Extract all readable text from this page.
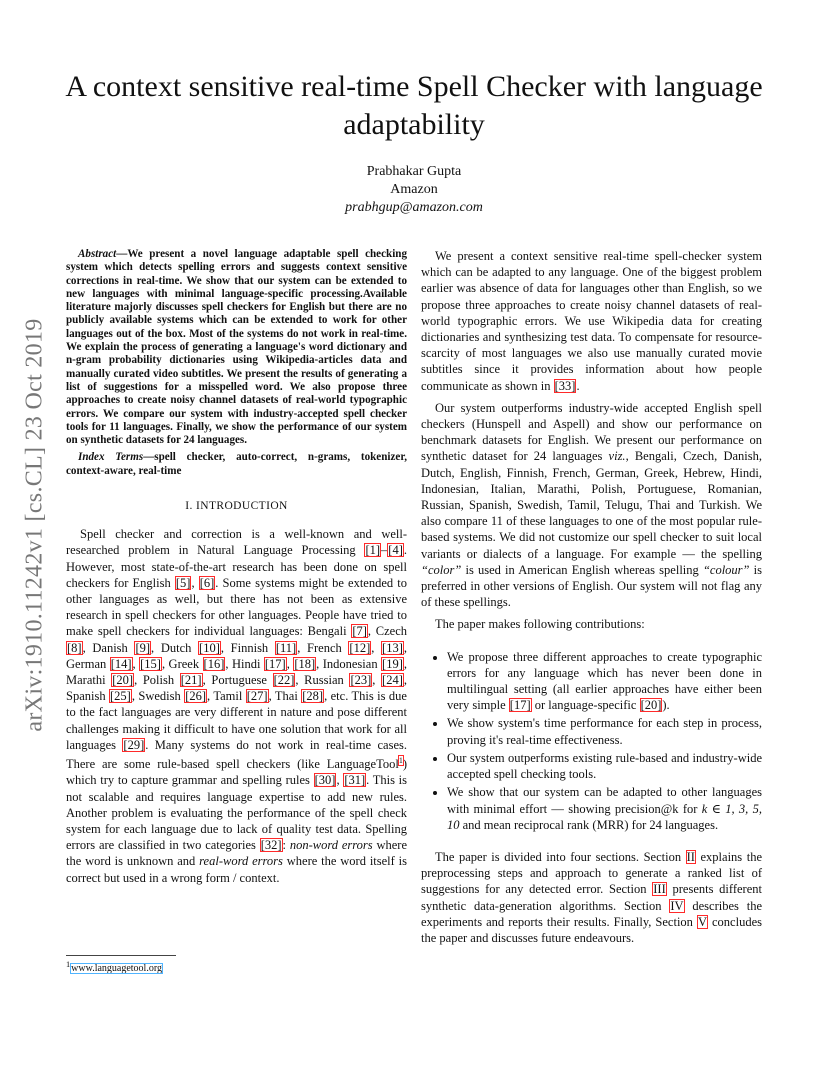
arXiv:1910.11242v1 [cs.CL] 23 Oct 2019
A context sensitive real-time Spell Checker with language adaptability
Prabhakar Gupta
Amazon
prabhgup@amazon.com

Abstract—We present a novel language adaptable spell checking system which detects spelling errors and suggests context sensitive corrections in real-time. We show that our system can be extended to new languages with minimal language-specific processing.Available literature majorly discusses spell checkers for English but there are no publicly available systems which can be extended to work for other languages out of the box. Most of the systems do not work in real-time. We explain the process of generating a language's word dictionary and n-gram probability dictionaries using Wikipedia-articles data and manually curated video subtitles. We present the results of generating a list of suggestions for a misspelled word. We also propose three approaches to create noisy channel datasets of real-world typographic errors. We compare our system with industry-accepted spell checker tools for 11 languages. Finally, we show the performance of our system on synthetic datasets for 24 languages.

Index Terms—spell checker, auto-correct, n-grams, tokenizer, context-aware, real-time

I. INTRODUCTION

Spell checker and correction is a well-known and well-researched problem in Natural Language Processing [1]–[4]. However, most state-of-the-art research has been done on spell checkers for English [5], [6]. Some systems might be extended to other languages as well, but there has not been as extensive research in spell checkers for other languages. People have tried to make spell checkers for individual languages: Bengali [7], Czech [8], Danish [9], Dutch [10], Finnish [11], French [12], [13], German [14], [15], Greek [16], Hindi [17], [18], Indonesian [19], Marathi [20], Polish [21], Portuguese [22], Russian [23], [24], Spanish [25], Swedish [26], Tamil [27], Thai [28], etc. This is due to the fact languages are very different in nature and pose different challenges making it difficult to have one solution that work for all languages [29]. Many systems do not work in real-time cases. There are some rule-based spell checkers (like LanguageTool$^1$) which try to capture grammar and spelling rules [30], [31]. This is not scalable and requires language expertise to add new rules. Another problem is evaluating the performance of the spell check system for each language due to lack of quality test data. Spelling errors are classified in two categories [32]: non-word errors where the word is unknown and real-word errors where the word itself is correct but used in a wrong form / context.

$^1$www.languagetool.org

We present a context sensitive real-time spell-checker system which can be adapted to any language. One of the biggest problem earlier was absence of data for languages other than English, so we propose three approaches to create noisy channel datasets of real-world typographic errors. We use Wikipedia data for creating dictionaries and synthesizing test data. To compensate for resource-scarcity of most languages we also use manually curated movie subtitles since it provides information about how people communicate as shown in [33].

Our system outperforms industry-wide accepted English spell checkers (Hunspell and Aspell) and show our performance on benchmark datasets for English. We present our performance on synthetic dataset for 24 languages viz., Bengali, Czech, Danish, Dutch, English, Finnish, French, German, Greek, Hebrew, Hindi, Indonesian, Italian, Marathi, Polish, Portuguese, Romanian, Russian, Spanish, Swedish, Tamil, Telugu, Thai and Turkish. We also compare 11 of these languages to one of the most popular rule-based systems. We did not customize our spell checker to suit local variants or dialects of a language. For example — the spelling “color” is used in American English whereas spelling “colour” is preferred in other versions of English. Our system will not flag any of these spellings.

The paper makes following contributions:

• We propose three different approaches to create typographic errors for any language which has never been done in multilingual setting (all earlier approaches have either been very simple [17] or language-specific [20]).
• We show system's time performance for each step in process, proving it's real-time effectiveness.
• Our system outperforms existing rule-based and industry-wide accepted spell checking tools.
• We show that our system can be adapted to other languages with minimal effort — showing precision@k for k ∈ 1, 3, 5, 10 and mean reciprocal rank (MRR) for 24 languages.

The paper is divided into four sections. Section II explains the preprocessing steps and approach to generate a ranked list of suggestions for any detected error. Section III presents different synthetic data-generation algorithms. Section IV describes the experiments and reports their results. Finally, Section V concludes the paper and discusses future endeavours.
